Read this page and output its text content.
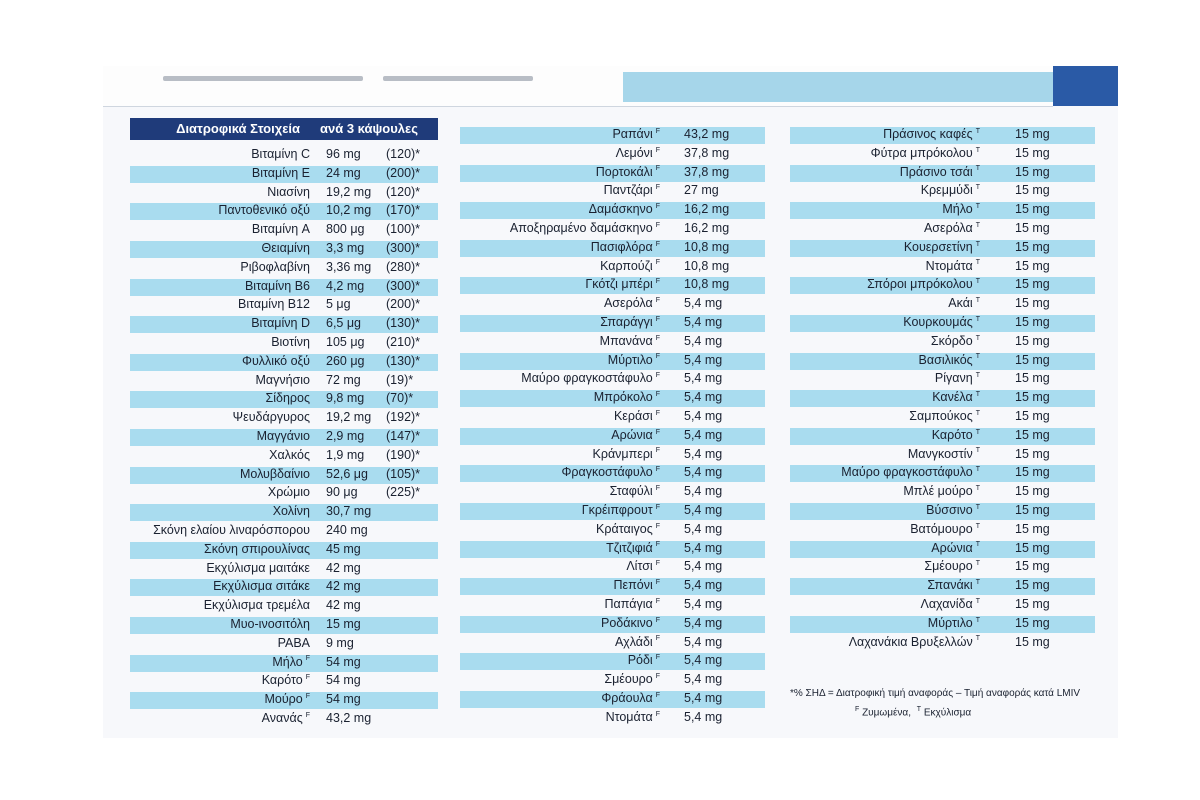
Διατροφικά Στοιχεία	ανά 3 κάψουλες
Βιταμίνη C 96 mg (120)*
Βιταμίνη E 24 mg (200)*
Νιασίνη 19,2 mg (120)*
Παντοθενικό οξύ 10,2 mg (170)*
Βιταμίνη A 800 μg (100)*
Θειαμίνη 3,3 mg (300)*
Ριβοφλαβίνη 3,36 mg (280)*
Βιταμίνη B6 4,2 mg (300)*
Βιταμίνη B12 5 μg	(200)*
Βιταμίνη D 6,5 μg (130)*
Βιοτίνη 105 μg (210)*
Φυλλικό οξύ 260 μg (130)*
Μαγνήσιο 72 mg (19)*
Σίδηρος 9,8 mg (70)*
Ψευδάργυρος 19,2 mg (192)*
Μαγγάνιο 2,9 mg (147)*
Χαλκός 1,9 mg (190)*
Μολυβδαίνιο 52,6 μg (105)*
Χρώμιο 90 μg (225)*
Χολίνη 30,7 mg
Σκόνη ελαίου λιναρόσπορου 240 mg
Σκόνη σπιρουλίνας 45 mg
Εκχύλισμα μαιτάκε 42 mg
Εκχύλισμα σιτάκε 42 mg
Εκχύλισμα τρεμέλα 42 mg
Μυο-ινοσιτόλη 15 mg
PABA 9 mg
Μήλο $^F$ 54 mg
Καρότο $^F$ 54 mg
Μούρο $^F$ 54 mg
Ανανάς $^F$ 43,2 mg
Ραπάνι $^F$ 43,2 mg
Λεμόνι $^F$ 37,8 mg
Πορτοκάλι $^F$ 37,8 mg
Παντζάρι $^F$ 27 mg
Δαμάσκηνο $^F$ 16,2 mg
Αποξηραμένο δαμάσκηνο $^F$ 16,2 mg
Πασιφλόρα $^F$ 10,8 mg
Καρπούζι $^F$ 10,8 mg
Γκότζι μπέρι $^F$ 10,8 mg
Ασερόλα $^F$ 5,4 mg
Σπαράγγι $^F$ 5,4 mg
Μπανάνα $^F$ 5,4 mg
Μύρτιλο $^F$ 5,4 mg
Μαύρο φραγκοστάφυλο $^F$ 5,4 mg
Μπρόκολο $^F$ 5,4 mg
Κεράσι $^F$ 5,4 mg
Αρώνια $^F$ 5,4 mg
Κράνμπερι $^F$ 5,4 mg
Φραγκοστάφυλο $^F$ 5,4 mg
Σταφύλι $^F$ 5,4 mg
Γκρέιπφρουτ $^F$ 5,4 mg
Κράταιγος $^F$ 5,4 mg
Τζιτζιφιά $^F$ 5,4 mg
Λίτσι $^F$ 5,4 mg
Πεπόνι $^F$ 5,4 mg
Παπάγια $^F$ 5,4 mg
Ροδάκινο $^F$ 5,4 mg
Αχλάδι $^F$ 5,4 mg
Ρόδι $^F$ 5,4 mg
Σμέουρο $^F$ 5,4 mg
Φράουλα $^F$ 5,4 mg
Ντομάτα $^F$ 5,4 mg
Πράσινος καφές $^T$	15 mg
Φύτρα μπρόκολου $^T$	15 mg
Πράσινο τσάι $^T$	15 mg
Κρεμμύδι $^T$	15 mg
Μήλο $^T$	15 mg
Ασερόλα $^T$	15 mg
Κουερσετίνη $^T$	15 mg
Ντομάτα $^T$	15 mg
Σπόροι μπρόκολου $^T$	15 mg
Ακάι $^T$	15 mg
Κουρκουμάς $^T$	15 mg
Σκόρδο $^T$	15 mg
Βασιλικός $^T$	15 mg
Ρίγανη $^T$	15 mg
Κανέλα $^T$	15 mg
Σαμπούκος $^T$	15 mg
Καρότο $^T$	15 mg
Μανγκοστίν $^T$	15 mg
Μαύρο φραγκοστάφυλο $^T$	15 mg
Μπλέ μούρο $^T$	15 mg
Βύσσινο $^T$	15 mg
Βατόμουρο $^T$	15 mg
Αρώνια $^T$	15 mg
Σμέουρο $^T$	15 mg
Σπανάκι $^T$	15 mg
Λαχανίδα $^T$	15 mg
Μύρτιλο $^T$	15 mg
Λαχανάκια Βρυξελλών $^T$	15 mg
*% ΣΗΔ = Διατροφική τιμή αναφοράς – Τιμή αναφοράς κατά LMIV
$^F$ Ζυμωμένα, $^T$ Εκχύλισμα
